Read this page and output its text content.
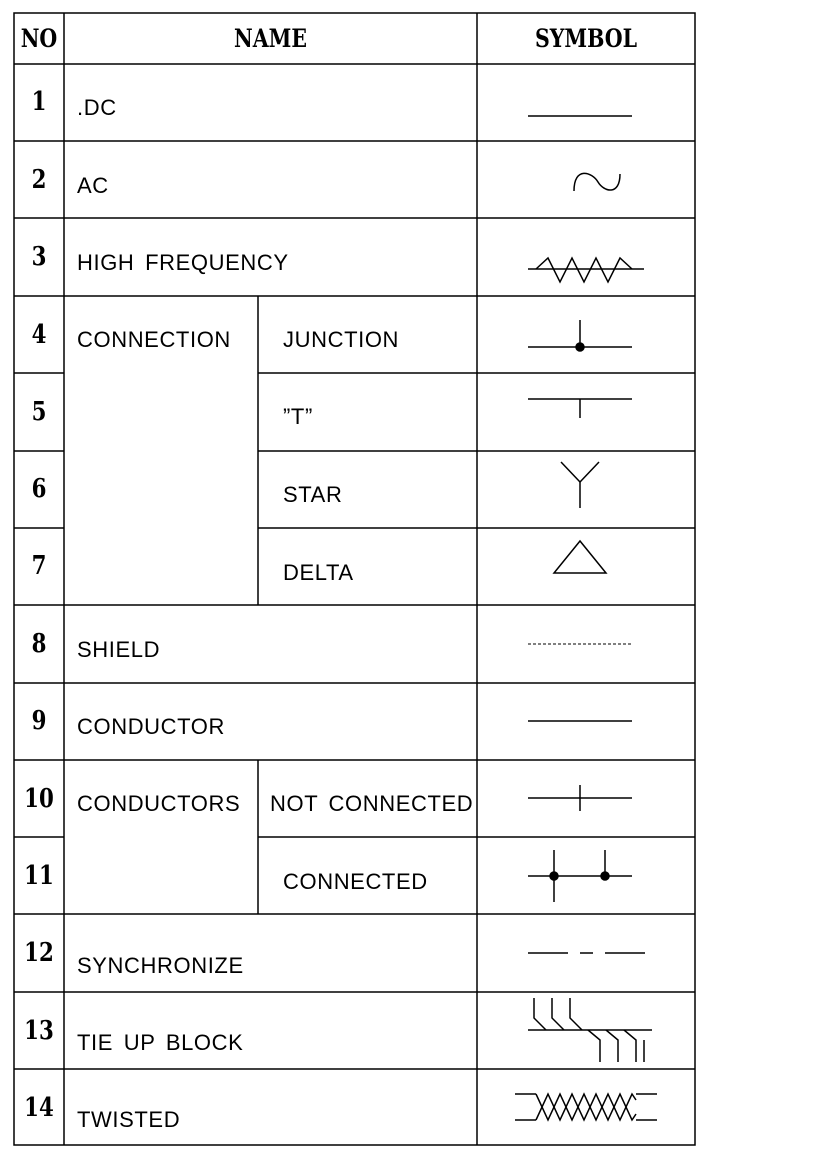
NO	NAME	SYMBOL
1
2
3
4
5
6
7
8
9
10
11
12
13
14
.DC
AC
HIGH FREQUENCY
CONNECTION JUNCTION
”T”
STAR
DELTA
SHIELD
CONDUCTOR
CONDUCTORS NOT CONNECTED
CONNECTED
SYNCHRONIZE
TIE UP BLOCK
TWISTED
